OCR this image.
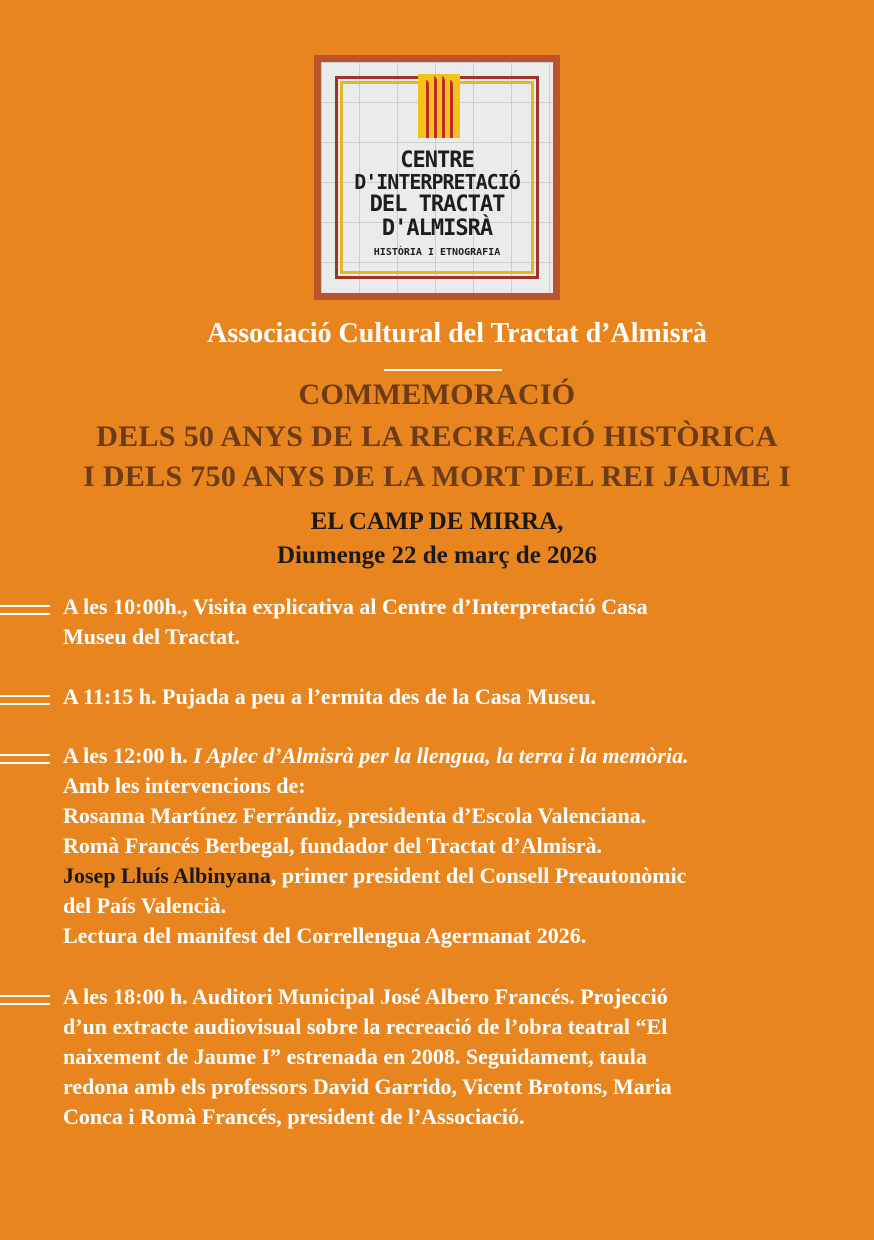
CENTRE
D'INTERPRETACIÓ
DEL TRACTAT
D'ALMISRÀ
HISTÒRIA I ETNOGRAFIA
Associació Cultural del Tractat d’Almisrà
COMMEMORACIÓ
DELS 50 ANYS DE LA RECREACIÓ HISTÒRICA
I DELS 750 ANYS DE LA MORT DEL REI JAUME I
EL CAMP DE MIRRA,
Diumenge 22 de març de 2026
A les 10:00h., Visita explicativa al Centre d’Interpretació Casa
Museu del Tractat.
A 11:15 h. Pujada a peu a l’ermita des de la Casa Museu.
A les 12:00 h. I Aplec d’Almisrà per la llengua, la terra i la memòria.
Amb les intervencions de:
Rosanna Martínez Ferrándiz, presidenta d’Escola Valenciana.
Romà Francés Berbegal, fundador del Tractat d’Almisrà.
Josep Lluís Albinyana, primer president del Consell Preautonòmic
del País Valencià.
Lectura del manifest del Correllengua Agermanat 2026.
A les 18:00 h. Auditori Municipal José Albero Francés. Projecció
d’un extracte audiovisual sobre la recreació de l’obra teatral “El
naixement de Jaume I” estrenada en 2008. Seguidament, taula
redona amb els professors David Garrido, Vicent Brotons, Maria
Conca i Romà Francés, president de l’Associació.
